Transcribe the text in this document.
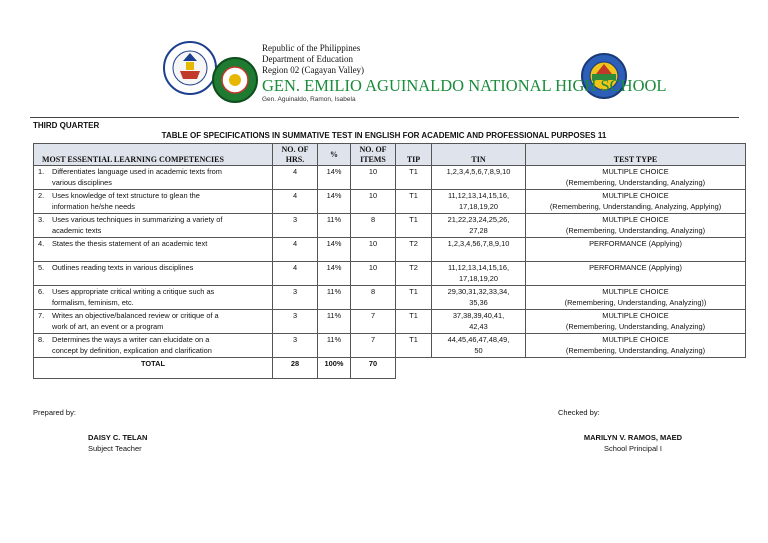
Republic of the Philippines
Department of Education
Region 02 (Cagayan Valley)
GEN. EMILIO AGUINALDO NATIONAL HIGH SCHOOL
Gen. Aguinaldo, Ramon, Isabela
THIRD QUARTER
TABLE OF SPECIFICATIONS IN SUMMATIVE TEST IN ENGLISH FOR ACADEMIC AND PROFESSIONAL PURPOSES 11
MOST ESSENTIAL LEARNING COMPETENCIES	NO. OF HRS.	%	NO. OF ITEMS	TIP	TIN	TEST TYPE
1. Differentiates language used in academic texts from
various disciplines	4	14%	10	T1	1,2,3,4,5,6,7,8,9,10	MULTIPLE CHOICE
(Remembering, Understanding, Analyzing)
2. Uses knowledge of text structure to glean the
information he/she needs	4	14%	10	T1	11,12,13,14,15,16,
17,18,19,20	MULTIPLE CHOICE
(Remembering, Understanding, Analyzing, Applying)
3. Uses various techniques in summarizing a variety of
academic texts	3	11%	8	T1	21,22,23,24,25,26,
27,28	MULTIPLE CHOICE
(Remembering, Understanding, Analyzing)
4. States the thesis statement of an academic text	4	14%	10	T2	1,2,3,4,56,7,8,9,10	PERFORMANCE (Applying)

5. Outlines reading texts in various disciplines	4	14%	10	T2	11,12,13,14,15,16,
17,18,19,20	PERFORMANCE (Applying)

6. Uses appropriate critical writing a critique such as
formalism, feminism, etc.	3	11%	8	T1	29,30,31,32,33,34,
35,36	MULTIPLE CHOICE
(Remembering, Understanding, Analyzing))
7. Writes an objective/balanced review or critique of a
work of art, an event or a program	3	11%	7	T1	37,38,39,40,41,
42,43	MULTIPLE CHOICE
(Remembering, Understanding, Analyzing)
8. Determines the ways a writer can elucidate on a
concept by definition, explication and clarification	3	11%	7	T1	44,45,46,47,48,49,
50	MULTIPLE CHOICE
(Remembering, Understanding, Analyzing)
TOTAL	28	100%	70			
Prepared by:
DAISY C. TELAN
Subject Teacher
Checked by:
MARILYN V. RAMOS, MAED
School Principal I
